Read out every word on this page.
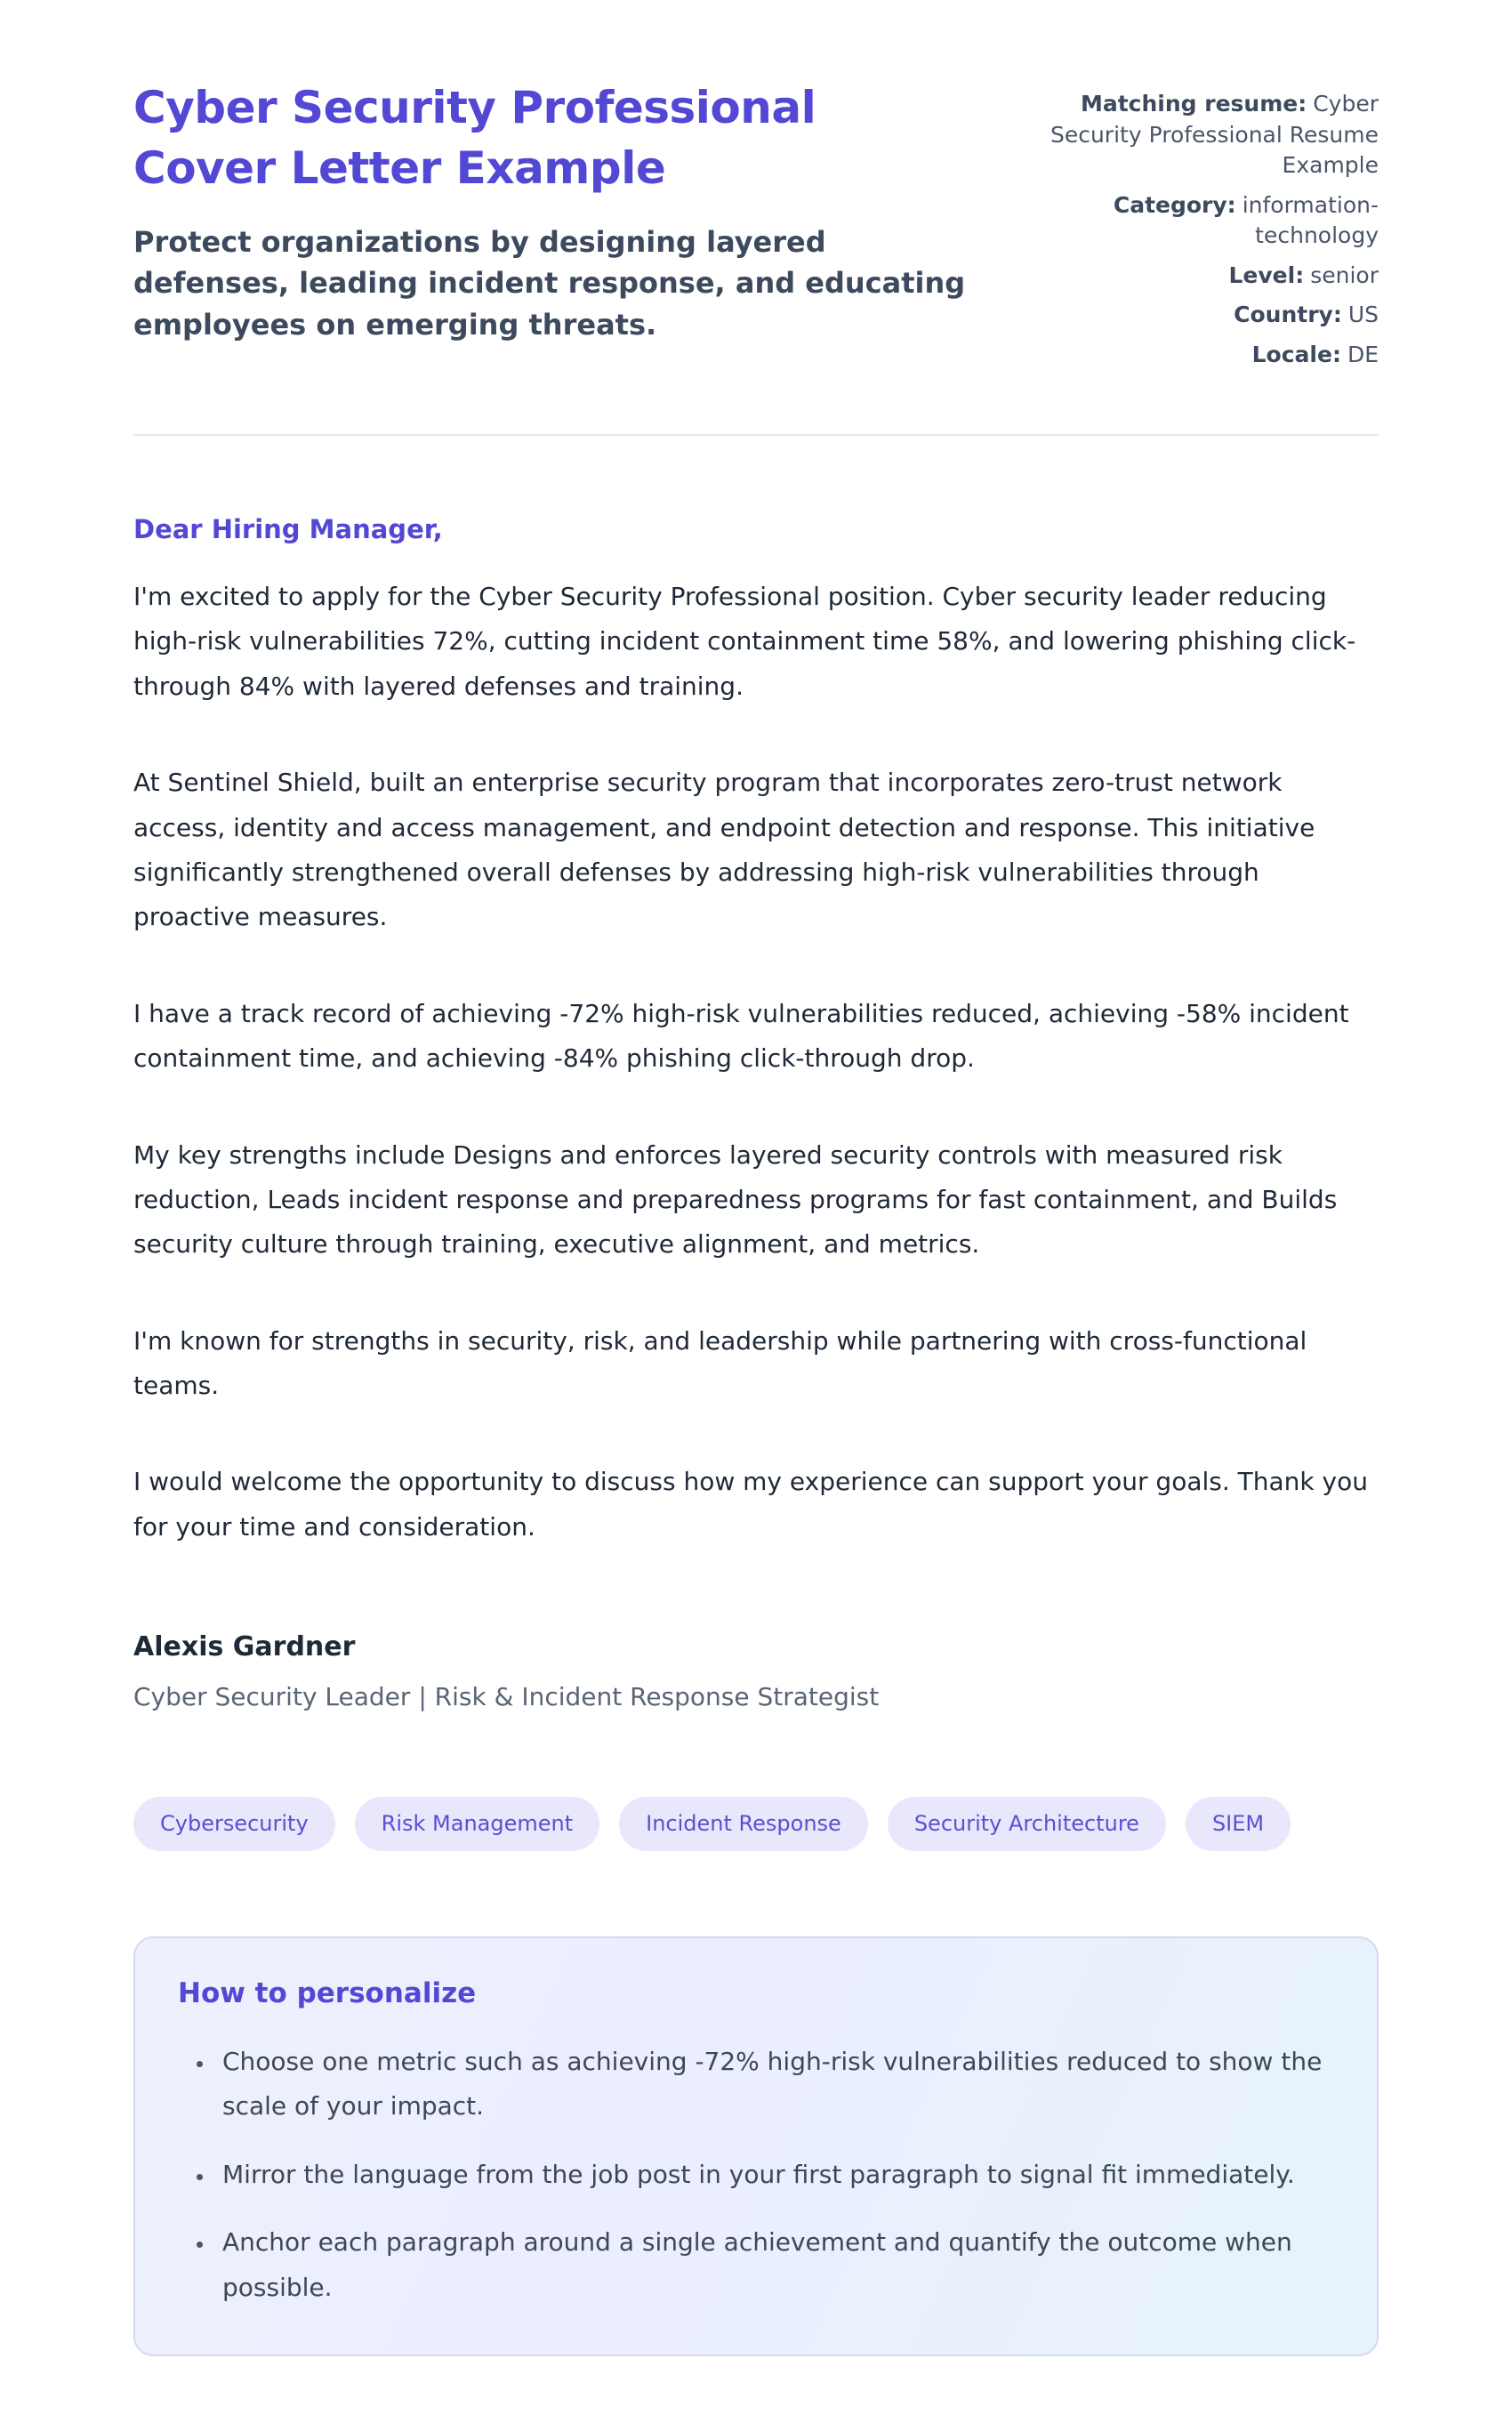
Cyber Security Professional Cover Letter Example

Protect organizations by designing layered defenses, leading incident response, and educating employees on emerging threats.

Matching resume: Cyber Security Professional Resume Example
Category: information-technology
Level: senior
Country: US
Locale: DE

Dear Hiring Manager,

I'm excited to apply for the Cyber Security Professional position. Cyber security leader reducing high-risk vulnerabilities 72%, cutting incident containment time 58%, and lowering phishing click-through 84% with layered defenses and training.

At Sentinel Shield, built an enterprise security program that incorporates zero-trust network access, identity and access management, and endpoint detection and response. This initiative significantly strengthened overall defenses by addressing high-risk vulnerabilities through proactive measures.

I have a track record of achieving -72% high-risk vulnerabilities reduced, achieving -58% incident containment time, and achieving -84% phishing click-through drop.

My key strengths include Designs and enforces layered security controls with measured risk reduction, Leads incident response and preparedness programs for fast containment, and Builds security culture through training, executive alignment, and metrics.

I'm known for strengths in security, risk, and leadership while partnering with cross-functional teams.

I would welcome the opportunity to discuss how my experience can support your goals. Thank you for your time and consideration.

Alexis Gardner

Cyber Security Leader | Risk & Incident Response Strategist

Cybersecurity	Risk Management	Incident Response	Security Architecture	SIEM
How to personalize
• Choose one metric such as achieving -72% high-risk vulnerabilities reduced to show the scale of your impact.
• Mirror the language from the job post in your first paragraph to signal fit immediately.
• Anchor each paragraph around a single achievement and quantify the outcome when possible.
